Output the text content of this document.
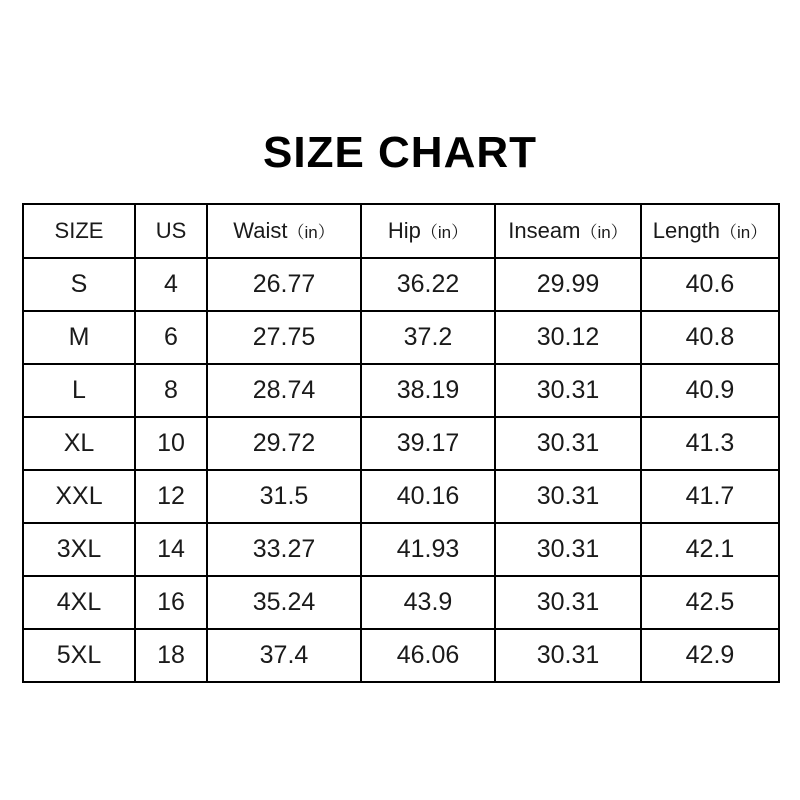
SIZE CHART
SIZE	US	Waist（in）	Hip（in）	Inseam（in）	Length（in）
S	4	26.77	36.22	29.99	40.6
M	6	27.75	37.2	30.12	40.8
L	8	28.74	38.19	30.31	40.9
XL	10	29.72	39.17	30.31	41.3
XXL	12	31.5	40.16	30.31	41.7
3XL	14	33.27	41.93	30.31	42.1
4XL	16	35.24	43.9	30.31	42.5
5XL	18	37.4	46.06	30.31	42.9
